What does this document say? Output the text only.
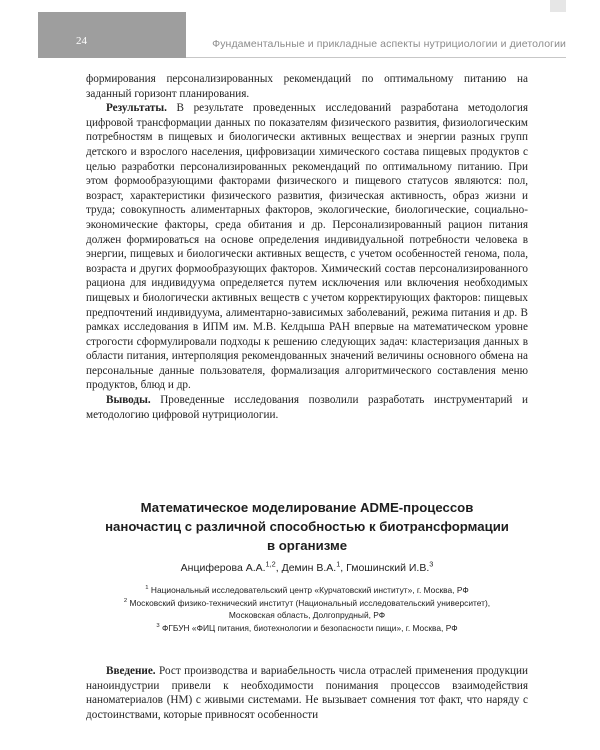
24	Фундаментальные и прикладные аспекты нутрициологии и диетологии

формирования персонализированных рекомендаций по оптимальному питанию на заданный горизонт планирования.

Результаты. В результате проведенных исследований разработана методология цифровой трансформации данных по показателям физического развития, физиологическим потребностям в пищевых и биологически активных веществах и энергии разных групп детского и взрослого населения, цифровизации химического состава пищевых продуктов с целью разработки персонализированных рекомендаций по оптимальному питанию. При этом формообразующими факторами физического и пищевого статусов являются: пол, возраст, характеристики физического развития, физическая активность, образ жизни и труда; совокупность алиментарных факторов, экологические, биологические, социально-экономические факторы, среда обитания и др. Персонализированный рацион питания должен формироваться на основе определения индивидуальной потребности человека в энергии, пищевых и биологически активных веществ, с учетом особенностей генома, пола, возраста и других формообразующих факторов. Химический состав персонализированного рациона для индивидуума определяется путем исключения или включения необходимых пищевых и биологически активных веществ с учетом корректирующих факторов: пищевых предпочтений индивидуума, алиментарно-зависимых заболеваний, режима питания и др. В рамках исследования в ИПМ им. М.В. Келдыша РАН впервые на математическом уровне строгости сформулировали подходы к решению следующих задач: кластеризация данных в области питания, интерполяция рекомендованных значений величины основного обмена на персональные данные пользователя, формализация алгоритмического составления меню продуктов, блюд и др.

Выводы. Проведенные исследования позволили разработать инструментарий и методологию цифровой нутрициологии.

Математическое моделирование ADME-процессов
наночастиц с различной способностью к биотрансформации
в организме
Анциферова А.А.$^{1,2}$, Демин В.А.$^1$, Гмошинский И.В.$^3$
$^1$ Национальный исследовательский центр «Курчатовский институт», г. Москва, РФ
$^2$ Московский физико-технический институт (Национальный исследовательский университет),
Московская область, Долгопрудный, РФ
$^3$ ФГБУН «ФИЦ питания, биотехнологии и безопасности пищи», г. Москва, РФ

Введение. Рост производства и вариабельность числа отраслей применения продукции наноиндустрии привели к необходимости понимания процессов взаимодействия наноматериалов (НМ) с живыми системами. Не вызывает сомнения тот факт, что наряду с достоинствами, которые привносят особенности
